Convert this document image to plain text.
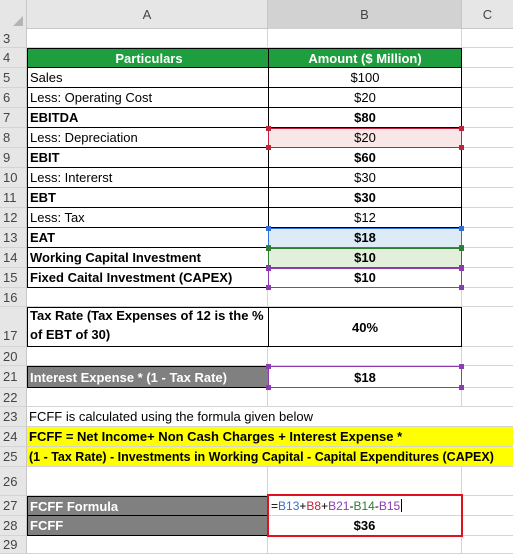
A	B	C
3
4	Particulars	Amount ($ Million)
5	Sales	$100
6	Less: Operating Cost	$20
7	EBITDA	$80
8	Less: Depreciation	$20
9	EBIT	$60
10 Less: Intererst	$30
11	EBT	$30
12 Less: Tax	$12
13 EAT	$18
14 Working Capital Investment	$10
15 Fixed Caital Investment (CAPEX)	$10
16
17
Tax Rate (Tax Expenses of 12 is the % of EBT of 30)	40%
20
21 Interest Expense * (1 - Tax Rate)	$18
22
23 FCFF is calculated using the formula given below
24 FCFF = Net Income+ Non Cash Charges + Interest Expense *
25 (1 - Tax Rate) - Investments in Working Capital - Capital Expenditures (CAPEX)
26
27 FCFF Formula	= B13 + B8 + B21 - B14 - B15
28 FCFF	$36
29
